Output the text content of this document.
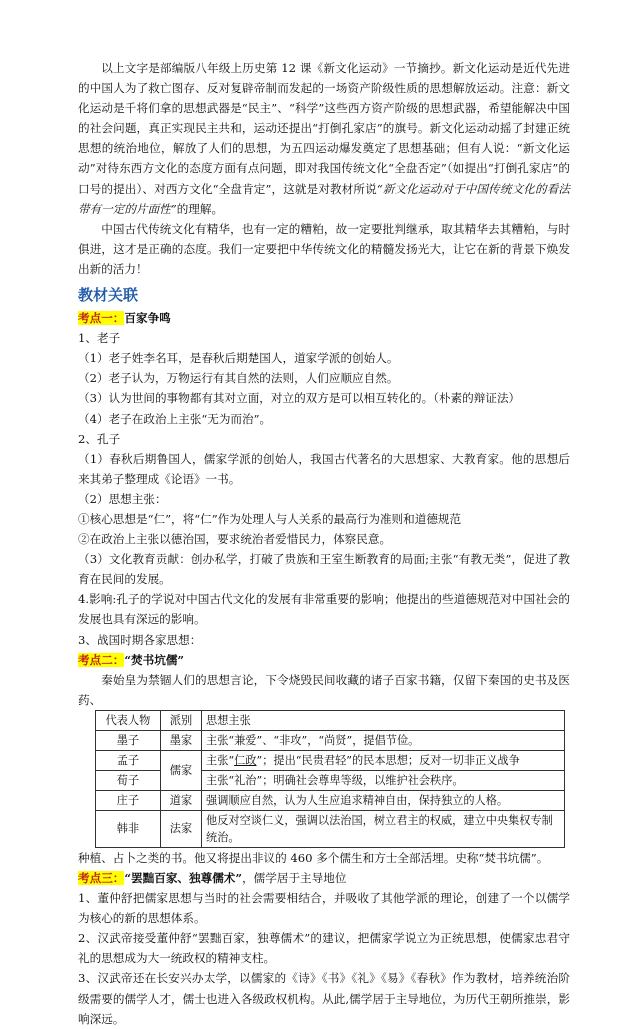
以上文字是部编版八年级上历史第 12 课《新文化运动》一节摘抄。新文化运动是近代先进的中国人为了救亡图存、反对复辟帝制而发起的一场资产阶级性质的思想解放运动。注意：新文化运动是千将们拿的思想武器是“民主”、“科学”这些西方资产阶级的思想武器，希望能解决中国的社会问题，真正实现民主共和，运动还提出“打倒孔家店”的旗号。新文化运动动摇了封建正统思想的统治地位，解放了人们的思想，为五四运动爆发奠定了思想基础；但有人说：“新文化运动”对待东西方文化的态度方面有点问题，即对我国传统文化“全盘否定”（如提出“打倒孔家店”的口号的提出）、对西方文化“全盘肯定”，这就是对教材所说“新文化运动对于中国传统文化的看法带有一定的片面性”的理解。

中国古代传统文化有精华，也有一定的糟粕，故一定要批判继承，取其精华去其糟粕，与时俱进，这才是正确的态度。我们一定要把中华传统文化的精髓发扬光大，让它在新的背景下焕发出新的活力！

教材关联

考点一：百家争鸣

1、老子

（1）老子姓李名耳，是春秋后期楚国人，道家学派的创始人。

（2）老子认为，万物运行有其自然的法则，人们应顺应自然。

（3）认为世间的事物都有其对立面，对立的双方是可以相互转化的。（朴素的辩证法）

（4）老子在政治上主张“无为而治”。

2、孔子

（1）春秋后期鲁国人，儒家学派的创始人，我国古代著名的大思想家、大教育家。他的思想后来其弟子整理成《论语》一书。

（2）思想主张：

①核心思想是“仁”，将“仁”作为处理人与人关系的最高行为准则和道德规范

②在政治上主张以德治国，要求统治者爱惜民力，体察民意。

（3）文化教育贡献：创办私学，打破了贵族和王室生断教育的局面;主张“有教无类”，促进了教育在民间的发展。

4.影响:孔子的学说对中国古代文化的发展有非常重要的影响；他提出的些道德规范对中国社会的发展也具有深远的影响。

3、战国时期各家思想：

考点二：“焚书坑儒”

秦始皇为禁锢人们的思想言论，下令烧毁民间收藏的诸子百家书籍，仅留下秦国的史书及医药、

代表人物	派别	思想主张
墨子	墨家	主张“兼爱”、“非攻”，“尚贤”，提倡节俭。
孟子	儒家	主张“仁政”；提出“民贵君轻”的民本思想；反对一切非正义战争
荀子		主张“礼治”；明确社会尊卑等级，以维护社会秩序。
庄子	道家	强调顺应自然，认为人生应追求精神自由，保持独立的人格。
韩非	法家	他反对空谈仁义，强调以法治国，树立君主的权威，建立中央集权专制统治。

种植、占卜之类的书。他又将提出非议的 460 多个儒生和方士全部活埋。史称“焚书坑儒”。

考点三：“罢黜百家、独尊儒术”，儒学居于主导地位

1、董仲舒把儒家思想与当时的社会需要相结合，并吸收了其他学派的理论，创建了一个以儒学为核心的新的思想体系。

2、汉武帝接受董仲舒“罢黜百家，独尊儒术”的建议，把儒家学说立为正统思想，使儒家忠君守礼的思想成为大一统政权的精神支柱。

3、汉武帝还在长安兴办太学，以儒家的《诗》《书》《礼》《易》《春秋》作为教材，培养统治阶级需要的儒学人才，儒士也进入各级政权机构。从此,儒学居于主导地位，为历代王朝所推崇，影响深远。
